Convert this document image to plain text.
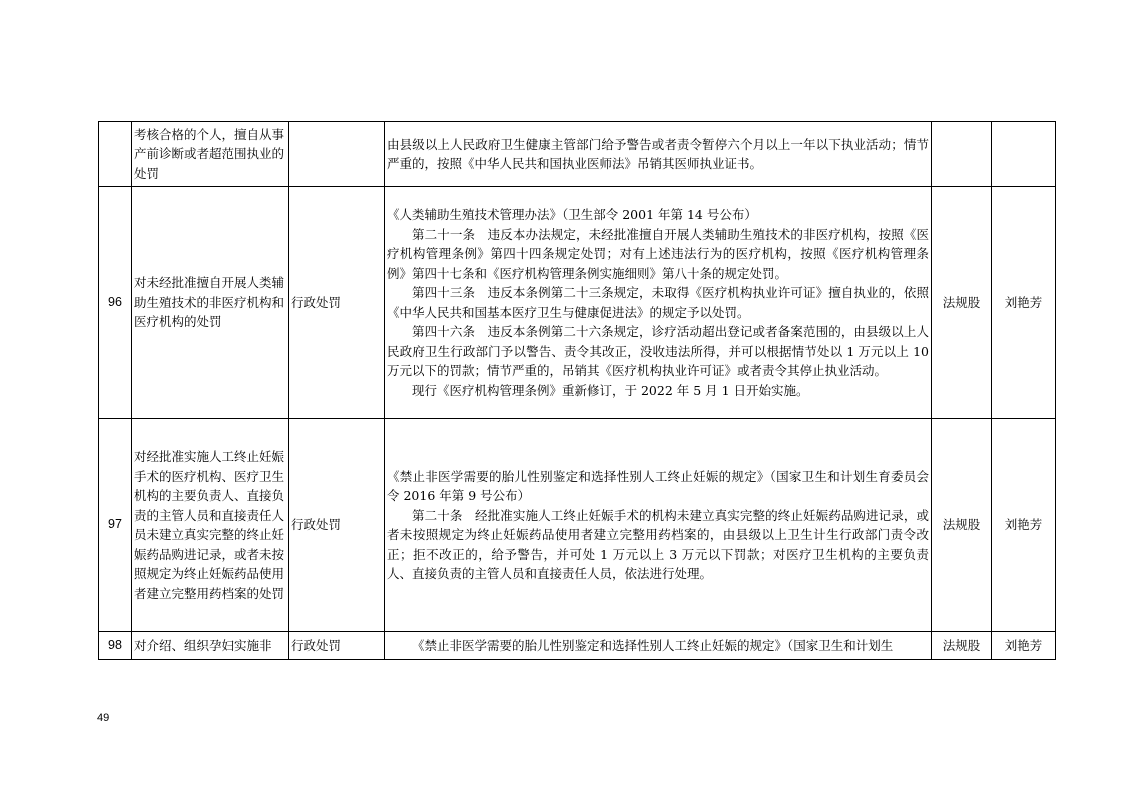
	考核合格的个人，擅自从事产前诊断或者超范围执业的处罚		由县级以上人民政府卫生健康主管部门给予警告或者责令暂停六个月以上一年以下执业活动；情节严重的，按照《中华人民共和国执业医师法》吊销其医师执业证书。		

96	对未经批准擅自开展人类辅助生殖技术的非医疗机构和医疗机构的处罚	行政处罚	《人类辅助生殖技术管理办法》（卫生部令 2001 年第 14 号公布）

第二十一条　违反本办法规定，未经批准擅自开展人类辅助生殖技术的非医疗机构，按照《医疗机构管理条例》第四十四条规定处罚；对有上述违法行为的医疗机构，按照《医疗机构管理条例》第四十七条和《医疗机构管理条例实施细则》第八十条的规定处罚。

第四十三条　违反本条例第二十三条规定，未取得《医疗机构执业许可证》擅自执业的，依照《中华人民共和国基本医疗卫生与健康促进法》的规定予以处罚。

第四十六条　违反本条例第二十六条规定，诊疗活动超出登记或者备案范围的，由县级以上人民政府卫生行政部门予以警告、责令其改正，没收违法所得，并可以根据情节处以 1 万元以上 10 万元以下的罚款；情节严重的，吊销其《医疗机构执业许可证》或者责令其停止执业活动。

现行《医疗机构管理条例》重新修订，于 2022 年 5 月 1 日开始实施。	法规股	刘艳芳
97	对经批准实施人工终止妊娠手术的医疗机构、医疗卫生机构的主要负责人、直接负责的主管人员和直接责任人员未建立真实完整的终止妊娠药品购进记录，或者未按照规定为终止妊娠药品使用者建立完整用药档案的处罚	行政处罚	《禁止非医学需要的胎儿性别鉴定和选择性别人工终止妊娠的规定》（国家卫生和计划生育委员会令 2016 年第 9 号公布）

第二十条　经批准实施人工终止妊娠手术的机构未建立真实完整的终止妊娠药品购进记录，或者未按照规定为终止妊娠药品使用者建立完整用药档案的，由县级以上卫生计生行政部门责令改正；拒不改正的，给予警告，并可处 1 万元以上 3 万元以下罚款；对医疗卫生机构的主要负责人、直接负责的主管人员和直接责任人员，依法进行处理。	法规股	刘艳芳
98	对介绍、组织孕妇实施非	行政处罚	《禁止非医学需要的胎儿性别鉴定和选择性别人工终止妊娠的规定》（国家卫生和计划生	法规股	刘艳芳
49
